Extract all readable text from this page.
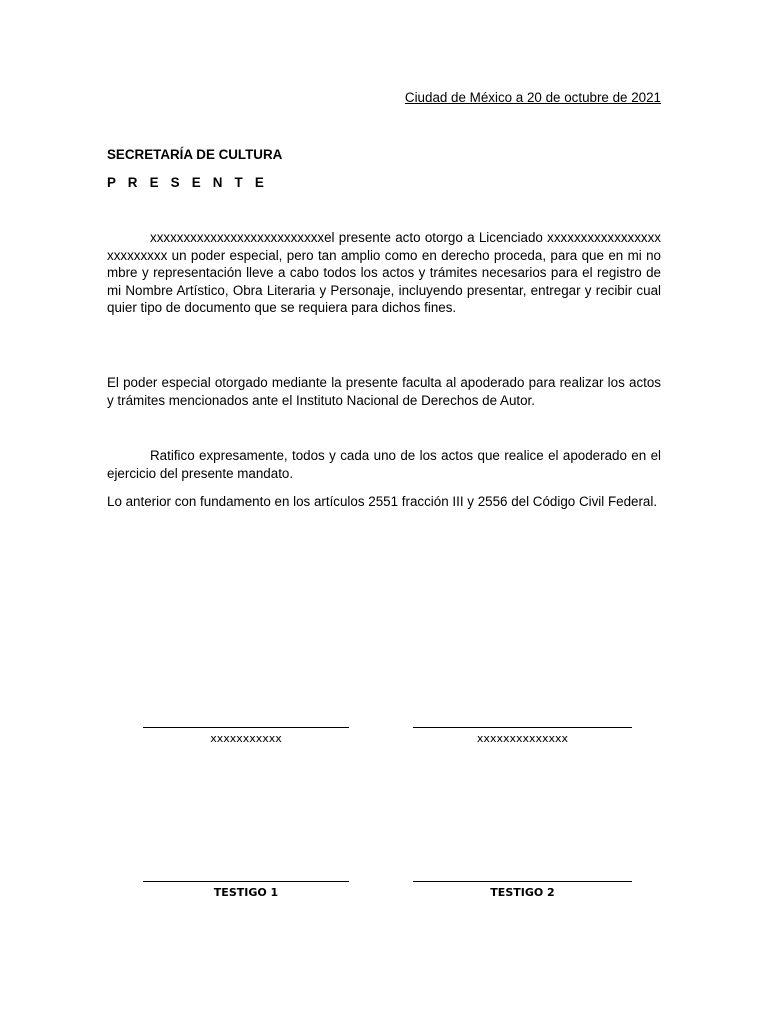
Ciudad de México a 20 de octubre de 2021
SECRETARÍA DE CULTURA
P R E S E N T E

xxxxxxxxxxxxxxxxxxxxxxxxxxel presente acto otorgo a Licenciado xxxxxxxxxxxxxxxxxxxxxxxxxx un poder especial, pero tan amplio como en derecho proceda, para que en mi nombre y representación lleve a cabo todos los actos y trámites necesarios para el registro de mi Nombre Artístico, Obra Literaria y Personaje, incluyendo presentar, entregar y recibir cualquier tipo de documento que se requiera para dichos fines.

El poder especial otorgado mediante la presente faculta al apoderado para realizar los actos y trámites mencionados ante el Instituto Nacional de Derechos de Autor.

Ratifico expresamente, todos y cada uno de los actos que realice el apoderado en el ejercicio del presente mandato.

Lo anterior con fundamento en los artículos 2551 fracción III y 2556 del Código Civil Federal.

xxxxxxxxxxx	xxxxxxxxxxxxxx
TESTIGO 1	TESTIGO 2
